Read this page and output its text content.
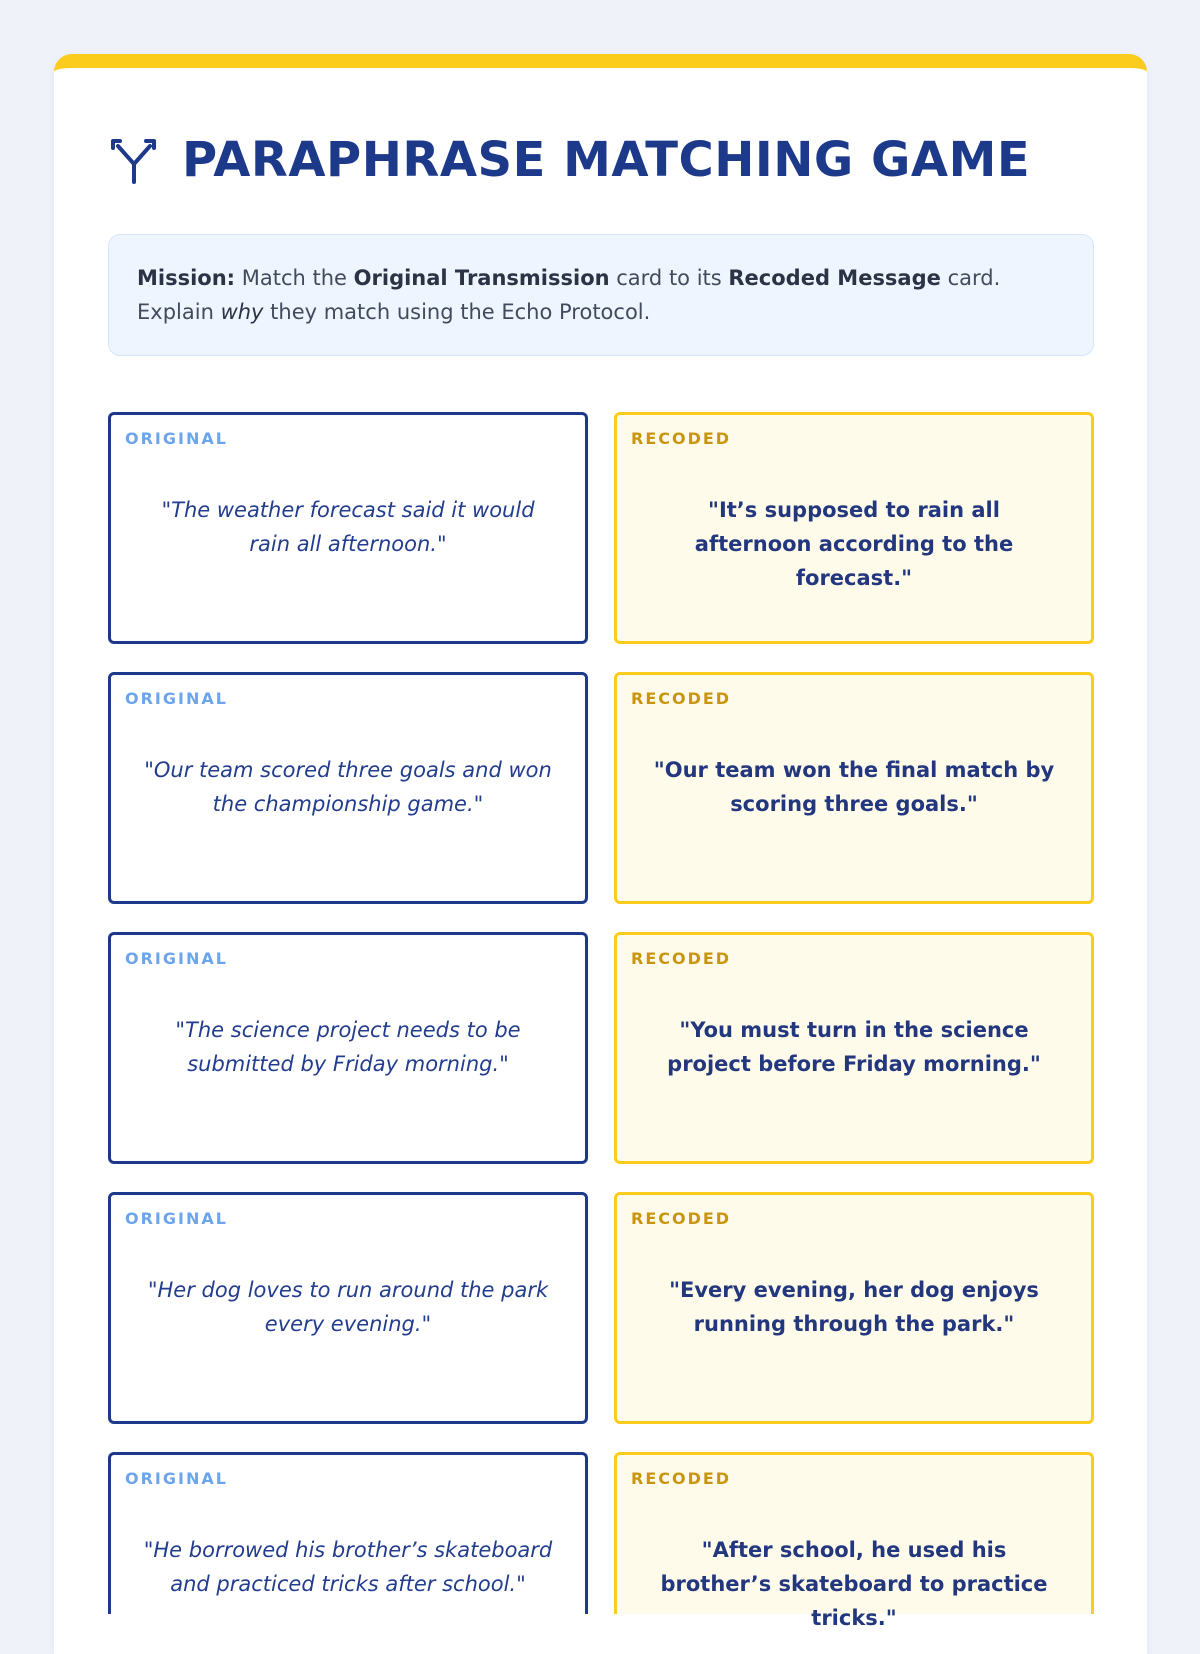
PARAPHRASE MATCHING GAME
Mission: Match the Original Transmission card to its Recoded Message card. Explain why they match using the Echo Protocol.
ORIGINAL
"The weather forecast said it would rain all afternoon."
RECODED
"It’s supposed to rain all afternoon according to the forecast."
ORIGINAL
"Our team scored three goals and won the championship game."
RECODED
"Our team won the final match by scoring three goals."
ORIGINAL
"The science project needs to be submitted by Friday morning."
RECODED
"You must turn in the science project before Friday morning."
ORIGINAL
"Her dog loves to run around the park every evening."
RECODED
"Every evening, her dog enjoys running through the park."
ORIGINAL
"He borrowed his brother’s skateboard and practiced tricks after school."
RECODED
"After school, he used his brother’s skateboard to practice tricks."
